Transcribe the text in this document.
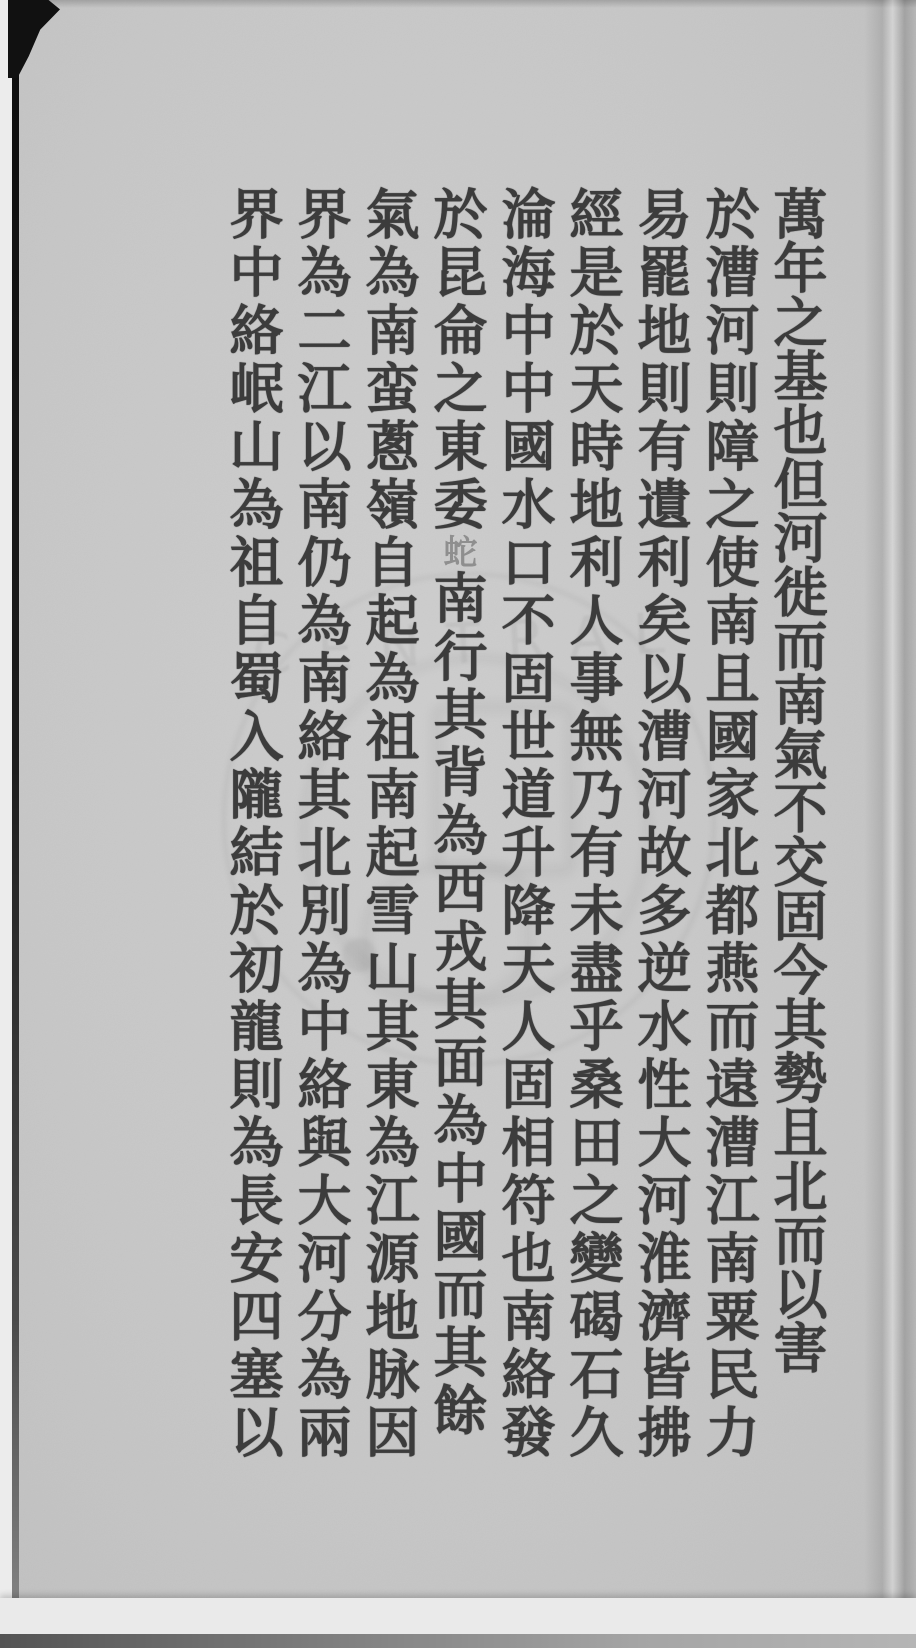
CENTRAL 萬年之基也但河徙而南氣不交固今其勢且北而以害
於漕河則障之使南且國家北都燕而遠漕江南粟民力
易罷地則有遺利矣以漕河故多逆水性大河淮濟皆拂
經是於天時地利人事無乃有未盡乎桑田之變碣石久
淪海中中國水口不固世道升降天人固相符也南絡發
於昆侖之東委蛇南行其背為西戎其面為中國而其餘
氣為南蛮蔥嶺自起為祖南起雪山其東為江源地脉因
界為二江以南仍為南絡其北別為中絡與大河分為兩
界中絡岷山為祖自蜀入隴結於初龍則為長安四塞以
